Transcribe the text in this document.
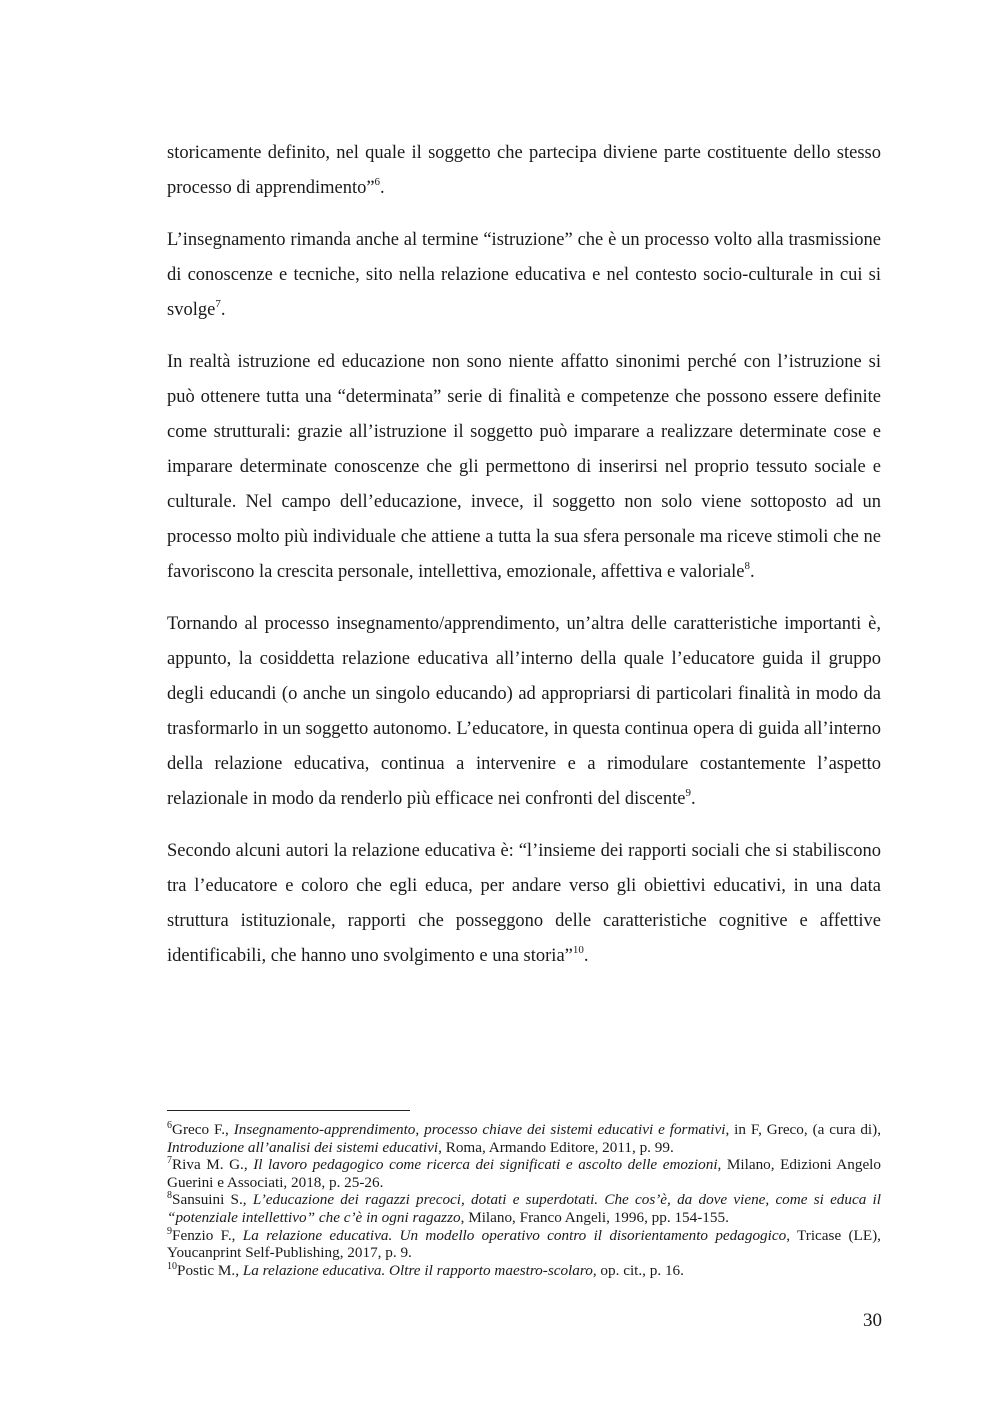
storicamente definito, nel quale il soggetto che partecipa diviene parte costituente dello stesso processo di apprendimento”$^6$.

L’insegnamento rimanda anche al termine “istruzione” che è un processo volto alla trasmissione di conoscenze e tecniche, sito nella relazione educativa e nel contesto socio-culturale in cui si svolge$^7$.

In realtà istruzione ed educazione non sono niente affatto sinonimi perché con l’istruzione si può ottenere tutta una “determinata” serie di finalità e competenze che possono essere definite come strutturali: grazie all’istruzione il soggetto può imparare a realizzare determinate cose e imparare determinate conoscenze che gli permettono di inserirsi nel proprio tessuto sociale e culturale. Nel campo dell’educazione, invece, il soggetto non solo viene sottoposto ad un processo molto più individuale che attiene a tutta la sua sfera personale ma riceve stimoli che ne favoriscono la crescita personale, intellettiva, emozionale, affettiva e valoriale$^8$.

Tornando al processo insegnamento/apprendimento, un’altra delle caratteristiche importanti è, appunto, la cosiddetta relazione educativa all’interno della quale l’educatore guida il gruppo degli educandi (o anche un singolo educando) ad appropriarsi di particolari finalità in modo da trasformarlo in un soggetto autonomo. L’educatore, in questa continua opera di guida all’interno della relazione educativa, continua a intervenire e a rimodulare costantemente l’aspetto relazionale in modo da renderlo più efficace nei confronti del discente$^9$.

Secondo alcuni autori la relazione educativa è: “l’insieme dei rapporti sociali che si stabiliscono tra l’educatore e coloro che egli educa, per andare verso gli obiettivi educativi, in una data struttura istituzionale, rapporti che posseggono delle caratteristiche cognitive e affettive identificabili, che hanno uno svolgimento e una storia”$^{10}$.

$^6$Greco F., Insegnamento-apprendimento, processo chiave dei sistemi educativi e formativi, in F, Greco, (a cura di), Introduzione all’analisi dei sistemi educativi, Roma, Armando Editore, 2011, p. 99.

$^7$Riva M. G., Il lavoro pedagogico come ricerca dei significati e ascolto delle emozioni, Milano, Edizioni Angelo Guerini e Associati, 2018, p. 25-26.

$^8$Sansuini S., L’educazione dei ragazzi precoci, dotati e superdotati. Che cos’è, da dove viene, come si educa il “potenziale intellettivo” che c’è in ogni ragazzo, Milano, Franco Angeli, 1996, pp. 154-155.

$^9$Fenzio F., La relazione educativa. Un modello operativo contro il disorientamento pedagogico, Tricase (LE), Youcanprint Self-Publishing, 2017, p. 9.

$^{10}$Postic M., La relazione educativa. Oltre il rapporto maestro-scolaro, op. cit., p. 16.

30
